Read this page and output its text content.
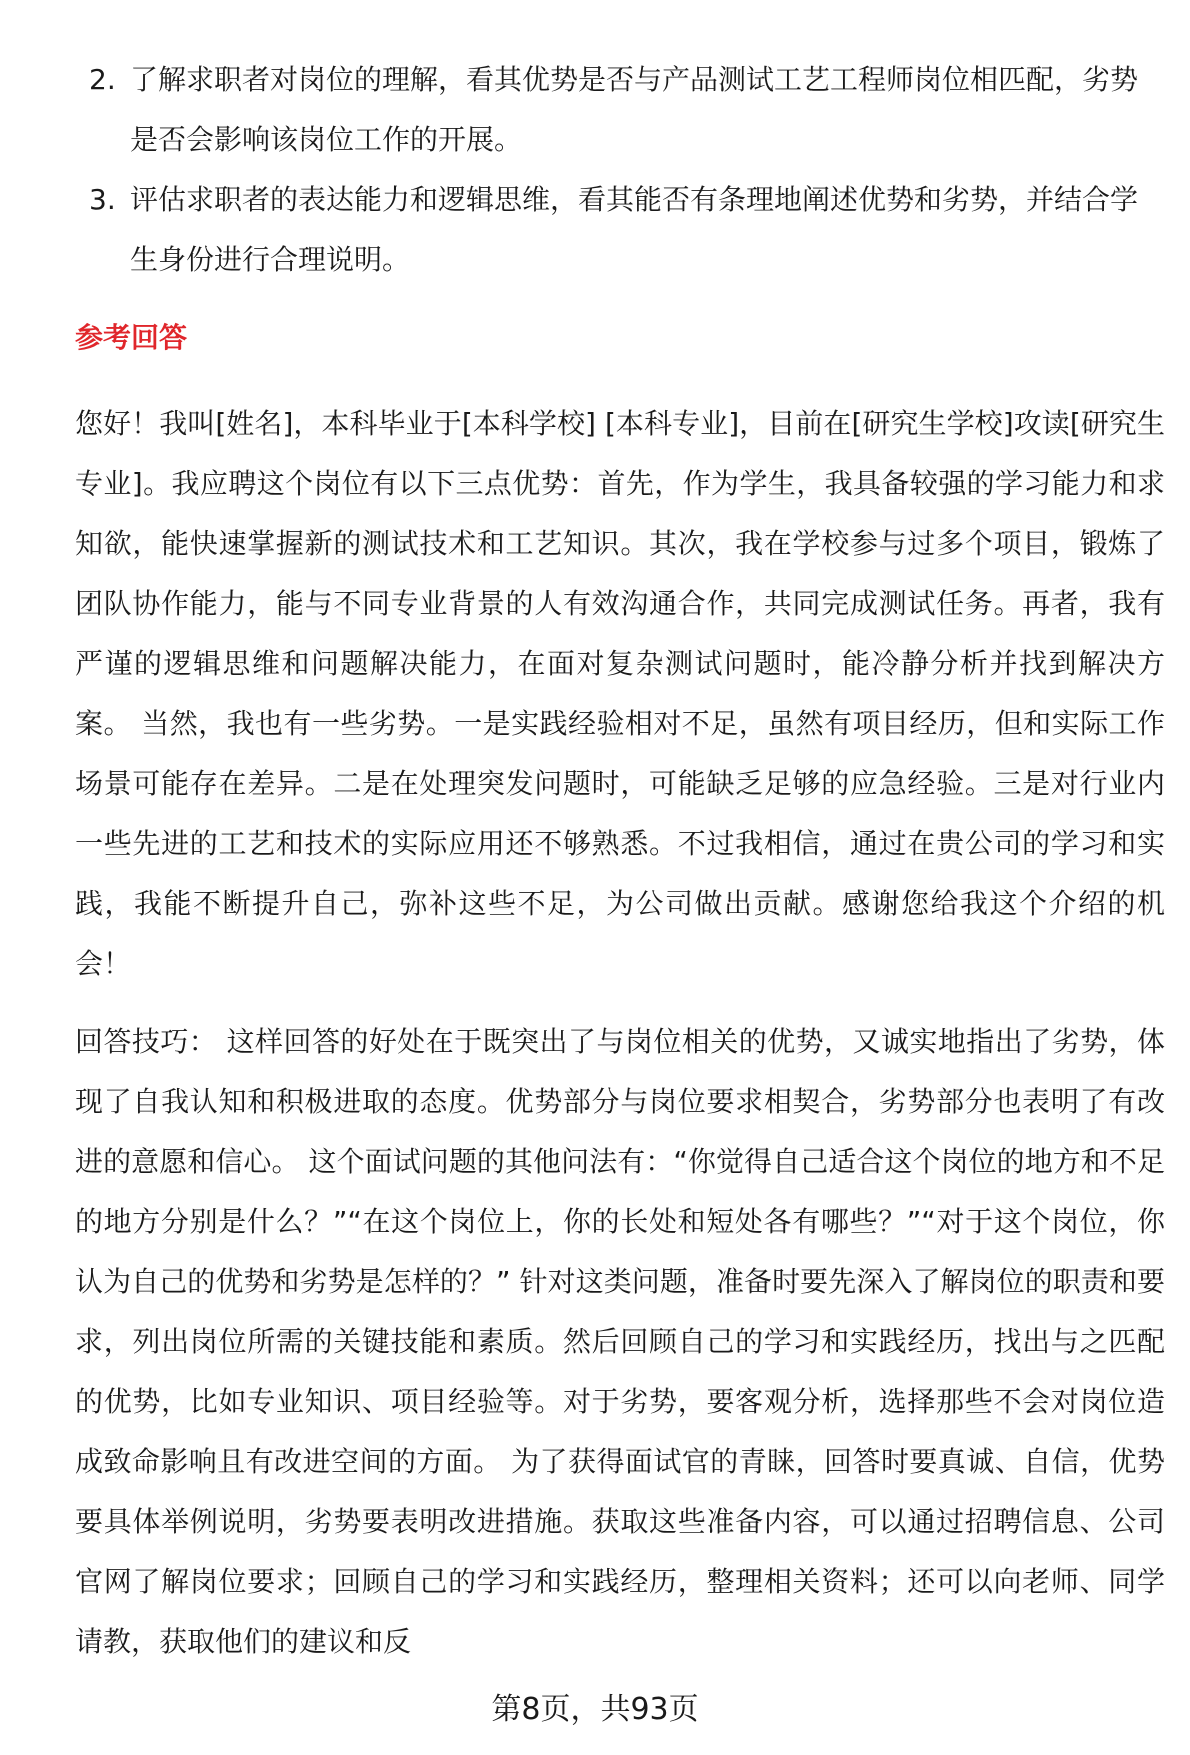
2. 了解求职者对岗位的理解，看其优势是否与产品测试工艺工程师岗位相匹配，劣势是否会影响该岗位工作的开展。
3. 评估求职者的表达能力和逻辑思维，看其能否有条理地阐述优势和劣势，并结合学生身份进行合理说明。
参考回答

您好！我叫[姓名]，本科毕业于[本科学校] [本科专业]，目前在[研究生学校]攻读[研究生专业]。我应聘这个岗位有以下三点优势：首先，作为学生，我具备较强的学习能力和求知欲，能快速掌握新的测试技术和工艺知识。其次，我在学校参与过多个项目，锻炼了团队协作能力，能与不同专业背景的人有效沟通合作，共同完成测试任务。再者，我有严谨的逻辑思维和问题解决能力，在面对复杂测试问题时，能冷静分析并找到解决方案。 当然，我也有一些劣势。一是实践经验相对不足，虽然有项目经历，但和实际工作场景可能存在差异。二是在处理突发问题时，可能缺乏足够的应急经验。三是对行业内一些先进的工艺和技术的实际应用还不够熟悉。不过我相信，通过在贵公司的学习和实践，我能不断提升自己，弥补这些不足，为公司做出贡献。感谢您给我这个介绍的机会！

回答技巧： 这样回答的好处在于既突出了与岗位相关的优势，又诚实地指出了劣势，体现了自我认知和积极进取的态度。优势部分与岗位要求相契合，劣势部分也表明了有改进的意愿和信心。 这个面试问题的其他问法有：“你觉得自己适合这个岗位的地方和不足的地方分别是什么？”“在这个岗位上，你的长处和短处各有哪些？”“对于这个岗位，你认为自己的优势和劣势是怎样的？” 针对这类问题，准备时要先深入了解岗位的职责和要求，列出岗位所需的关键技能和素质。然后回顾自己的学习和实践经历，找出与之匹配的优势，比如专业知识、项目经验等。对于劣势，要客观分析，选择那些不会对岗位造成致命影响且有改进空间的方面。 为了获得面试官的青睐，回答时要真诚、自信，优势要具体举例说明，劣势要表明改进措施。获取这些准备内容，可以通过招聘信息、公司官网了解岗位要求；回顾自己的学习和实践经历，整理相关资料；还可以向老师、同学请教，获取他们的建议和反

第8页，共93页
